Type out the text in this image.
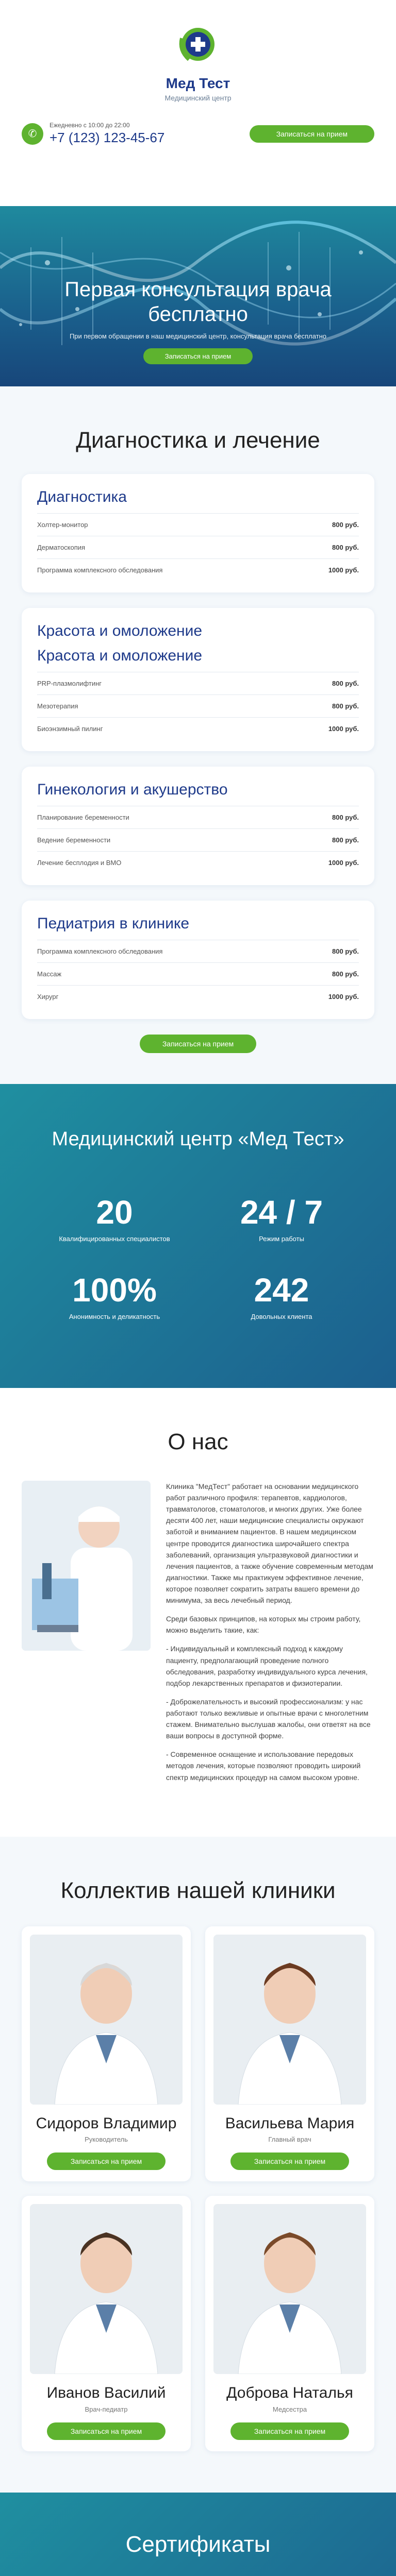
Мед Тест
Медицинский центр
✆
Ежедневно с 10:00 до 22:00
+7 (123) 123-45-67	Записаться на прием
Первая консультация врача бесплатно

При первом обращении в наш медицинский центр, консультация врача бесплатно

Записаться на прием
Диагностика и лечение
Диагностика
Холтер-монитор	800 руб.
Дерматоскопия	800 руб.
Программа комплексного обследования	1000 руб.
Красота и омоложение
Красота и омоложение
PRP-плазмолифтинг	800 руб.
Мезотерапия	800 руб.
Биоэнзимный пилинг	1000 руб.
Гинекология и акушерство
Планирование беременности	800 руб.
Ведение беременности	800 руб.
Лечение бесплодия и ВМО	1000 руб.
Педиатрия в клинике
Программа комплексного обследования	800 руб.
Массаж	800 руб.
Хирург	1000 руб.
Записаться на прием
Медицинский центр «Мед Тест»
20
Квалифицированных специалистов
24 / 7
Режим работы
100%
Анонимность и деликатность
242
Довольных клиента
О нас

Клиника "МедТест" работает на основании медицинского работ различного профиля: терапевтов, кардиологов, травматологов, стоматологов, и многих других. Уже более десяти 400 лет, наши медицинские специалисты окружают заботой и вниманием пациентов. В нашем медицинском центре проводится диагностика широчайшего спектра заболеваний, организация ультразвуковой диагностики и лечения пациентов, а также обучение современным методам диагностики. Также мы практикуем эффективное лечение, которое позволяет сократить затраты вашего времени до минимума, за весь лечебный период.

Среди базовых принципов, на которых мы строим работу, можно выделить такие, как:

- Индивидуальный и комплексный подход к каждому пациенту, предполагающий проведение полного обследования, разработку индивидуального курса лечения, подбор лекарственных препаратов и физиотерапии.

- Доброжелательность и высокий профессионализм: у нас работают только вежливые и опытные врачи с многолетним стажем. Внимательно выслушав жалобы, они ответят на все ваши вопросы в доступной форме.

- Современное оснащение и использование передовых методов лечения, которые позволяют проводить широкий спектр медицинских процедур на самом высоком уровне.

Коллектив нашей клиники
Сидоров Владимир
Руководитель
Записаться на прием
Васильева Мария
Главный врач
Записаться на прием
Иванов Василий
Врач-педиатр
Записаться на прием
Доброва Наталья
Медсестра
Записаться на прием
Сертификаты
